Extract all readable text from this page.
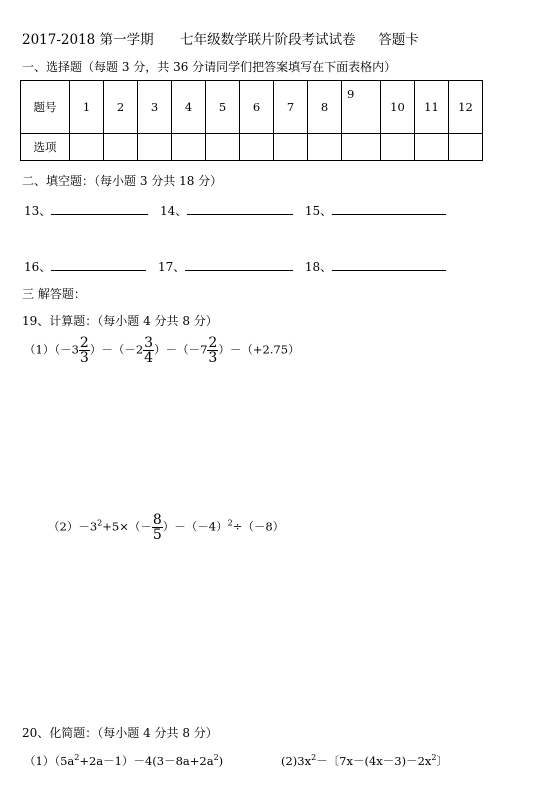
2017-2018 第一学期 七年级数学联片阶段考试试卷 答题卡
一、选择题（每题 3 分，共 36 分请同学们把答案填写在下面表格内）
题号	1	2	3	4	5	6	7	8	9	10	11	12
选项												
二、填空题：（每小题 3 分共 18 分）
13、	14、	15、
16、	17、	18、
三 解答题：
19、计算题：（每小题 4 分共 8 分）
$(1)(-3 \frac{2}{3} )-(-2 \frac{3}{4} )-(-7 \frac{2}{3} )-(+2.75)$
$(2)-3^2+5\times(- \frac{8}{5} )-(-4)^2\div(-8)$
20、化简题：（每小题 4 分共 8 分）
$(1)(5a^2+2a-1)-4(3-8a+2a^2)$	$(2)3x^2-$〔$7x-(4x-3)-2x^2$〕
